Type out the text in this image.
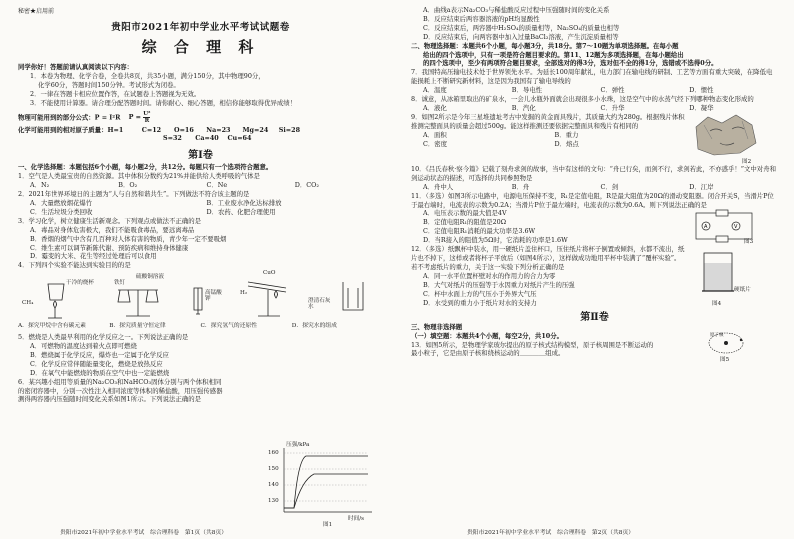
秘密★启用前
贵阳市2021年初中学业水平考试试题卷
综 合 理 科

同学你好！答题前请认真阅读以下内容：

1．本卷为物理、化学合卷，全卷共8页，共35小题，满分150分，其中物理90分，

化学60分，答题时间150分钟。考试形式为闭卷。

2．一律在答题卡相应位置作答，在试题卷上答题视为无效。

3．不能使用计算器。请合理分配答题时间。请你耐心、细心答题，相信你能够取得优异成绩！

物理可能用到的部分公式：P = I²R $P = \frac{\text{U²}}{R}$
化学可能用到的相对原子质量：H=1	C=12 O=16 Na=23 Mg=24 Si=28
S=32 Ca=40 Cu=64
第Ⅰ卷

一、化学选择题：本题包括6个小题，每小题2分，共12分。每题只有一个选项符合题意。

1．空气是人类最宝贵的自然资源。其中体积分数约为21%并能供给人类呼吸的气体是

A．N₂	B．O₂	C．Ne	D．CO₂

2．2021年世界环境日的主题为“人与自然和谐共生”。下列做法不符合该主题的是

A．大量燃放烟花爆竹	B．工业废水净化达标排放
C．生活垃圾分类回收	D．农药、化肥合理使用

3．学习化学，树立健康生活新观念。下列观点或做法不正确的是

A．毒品对身体危害极大，我们不能吸食毒品，要远离毒品

B．香烟的烟气中含有几百种对人体有害的物质，青少年一定不要吸烟

C．维生素可以调节新陈代谢、预防疾病和维持身体健康

D．霉变的大米、花生等经过处理后可以食用

4．下列四个实验不能达到实验目的的是

CH₄
干冷的烧杯	铁钉
硫酸铜溶液
CuO
H₂
高锰酸钾	澄清石灰水
A．探究甲烷中含有碳元素	B．探究质量守恒定律	C．探究氢气的还原性	D．探究水的组成

5．燃烧是人类最早利用的化学反应之一。下列说法正确的是

A．可燃物的温度达到着火点即可燃烧

B．燃烧属于化学反应，爆炸也一定属于化学反应

C．化学反应常伴随能量变化，燃烧是放热反应

D．在氧气中能燃烧的物质在空气中也一定能燃烧

6．某兴趣小组用等质量的Na₂CO₃和NaHCO₃固体分别与两个体积相同

的密闭容器中，分别一次性注入相同浓度等体积的稀盐酸，用压强传感器

测得两容器内压强随时间变化关系如图1所示。下列说法正确的是

压强/kPa
160
150
140
130
时间/s
图1
贵阳市2021年初中学业水平考试　综合理科卷　第1页（共8页）

A．曲线a表示Na₂CO₃与稀盐酸反应过程中压强随时间的变化关系

B．反应结束后两容器溶液的pH均显酸性

C．反应结束后，两容器中H₂SO₄的质量相等，Na₂SO₄的质量也相等

D．反应结束后，向两容器中加入过量BaCl₂溶液，产生沉淀质量相等

二、物理选择题：本题共6个小题，每小题3分，共18分。第7～10题为单项选择题。在每小题

给出的四个选项中，只有一项是符合题目要求的。第11、12题为多项选择题，在每小题给出

的四个选项中，至少有两项符合题目要求，全部选对的得3分，选对但不全的得1分，选错或不选得0分。

7．我国特高压输电技术处于世界领先水平。为延长100周年献礼，电力部门在输电线的研制、工艺等方面有重大突破，在降低电能损耗上不断研究新材料，这是因为我国有了输电导线的

A．温度	B．导电性	C．弹性	D．惯性

8．诚意，从冰箱里取出的矿泉水，一会儿水瓶外面就会出现很多小水珠，这是空气中的水蒸气经下列哪种物态变化形成的

A．液化	B．汽化	C．升华	D．凝华

9．如图2所示是今年三星堆遗址考古中发掘的黄金面具残片，其质量大约为280g。根据残片体积推测完整面具的质量会超过500g。能这样推测还要依据完整面具和残片有相同的

A．面积	B．重力
C．密度	D．熔点
图2

10．《吕氏春秋·察今篇》记载了刻舟求剑的故事，当中有这样的文句：“舟已行矣，而剑不行，求剑若此，不亦惑乎！”文中对舟和剑运动状态的描述，可选择的共同参照物是

A．舟中人	B．舟	C．剑	D．江岸

11．（多选）如图3所示电路中，电源电压保持不变，R₁是定值电阻，R是最大阻值为20Ω的滑动变阻器。闭合开关S，当滑片P位于最右端时，电流表的示数为0.2A；当滑片P位于最左端时，电流表的示数为0.6A。则下列说法正确的是

A．电压表示数的最大值是4V

B．定值电阻R₁的阻值是20Ω

C．定值电阻R₁消耗的最大功率是3.6W

D．当R接入的阻值为5Ω时，它消耗的功率是1.6W

A	V
图3

12．（多选）纸飘杯中装水，用一硬纸片盖住杯口，压住纸片将杯子倒置或倾斜，水都不流出，纸片也不掉下，这样或者将杯子平放后（如图4所示），这样做成功地用平杯中装满了“覆杯实验”。若不考虑纸片的重力，关于这一实验下列分析正确的是

A．同一水平位置杯壁对水的作用力的合力为零

B．大气对纸片的压强等于水因重力对纸片产生的压强

C．杯中水面上方的气压小于外界大气压

D．水受到的重力小于纸片对水的支持力

硬纸片
图4
第Ⅱ卷

三、物理非选择题

（一）填空题：本题共4个小题，每空2分，共10分。

13．如图5所示，是物理学家玻尔提出的原子核式结构模型，原子核周围是不断运动的

最小粒子，它是由原子核和绕核运动的＿＿＿＿组成。

原子核
图5
贵阳市2021年初中学业水平考试　综合理科卷　第2页（共8页）
